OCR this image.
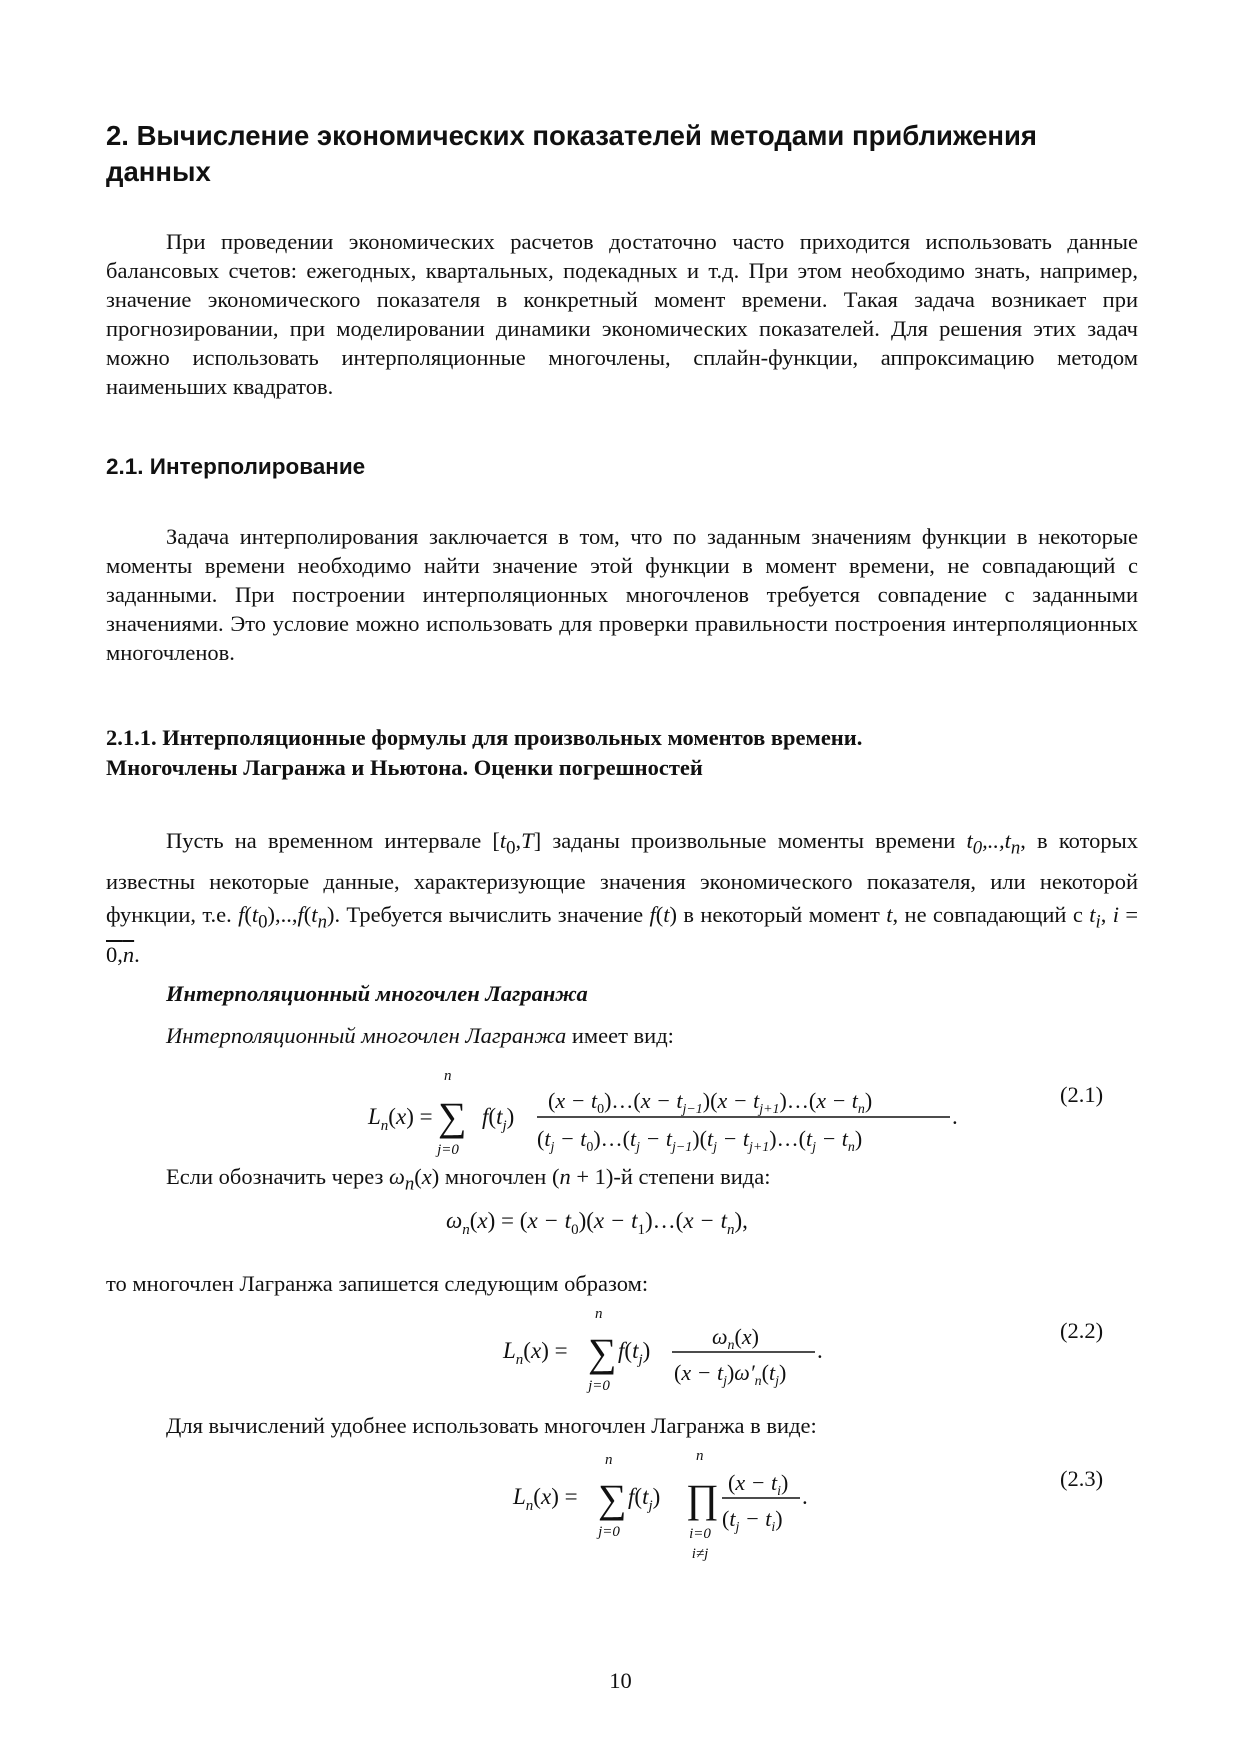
2. Вычисление экономических показателей методами приближения данных

При проведении экономических расчетов достаточно часто приходится использовать данные балансовых счетов: ежегодных, квартальных, подекадных и т.д. При этом необходимо знать, например, значение экономического показателя в конкретный момент времени. Такая задача возникает при прогнозировании, при моделировании динамики экономических показателей. Для решения этих задач можно использовать интерполяционные многочлены, сплайн-функции, аппроксимацию методом наименьших квадратов.

2.1. Интерполирование

Задача интерполирования заключается в том, что по заданным значениям функции в некоторые моменты времени необходимо найти значение этой функции в момент времени, не совпадающий с заданными. При построении интерполяционных многочленов требуется совпадение с заданными значениями. Это условие можно использовать для проверки правильности построения интерполяционных многочленов.

2.1.1. Интерполяционные формулы для произвольных моментов времени.
Многочлены Лагранжа и Ньютона. Оценки погрешностей

Пусть на временном интервале $[t_0,T]$ заданы произвольные моменты времени $t_0,..,t_n$, в которых известны некоторые данные, характеризующие значения экономического показателя, или некоторой функции, т.е. $f(t_0),..,f(t_n)$. Требуется вычислить значение f(t) в некоторый момент t, не совпадающий с $t_i$, i = 0,n.

Интерполяционный многочлен Лагранжа

Интерполяционный многочлен Лагранжа имеет вид:

$L_n(x)$ =
n
∑
j=0
$f(t_j)$
$(x - t_0)\dots(x - t_{j-1})(x$ − $t_{j+1})\dots(x - t_n)$
($t_j$ − $t_0)\dots(t_j - t_{j-1})(t_j$ − $t_{j+1})\dots(t_j - t_n)$
.
(2.1)

Если обозначить через $\omega_n(x)$ многочлен (n + 1)-й степени вида:

$\omega_n(x) = (x - t_0)(x$ − $t_1)\dots(x - t_n)$,

то многочлен Лагранжа запишется следующим образом:

$L_n(x)$ =
n
∑
j=0
$f(t_j)$
$\omega_n(x)$
$(x - t_j)\omega'_n(t_j)$
.
(2.2)

Для вычислений удобнее использовать многочлен Лагранжа в виде:

$L_n(x)$ =
n
∑
j=0
$f(t_j)$
n
∏
i=0
i≠j
$(x - t_i)$
$(t_j - t_i)$
.
(2.3)
10
